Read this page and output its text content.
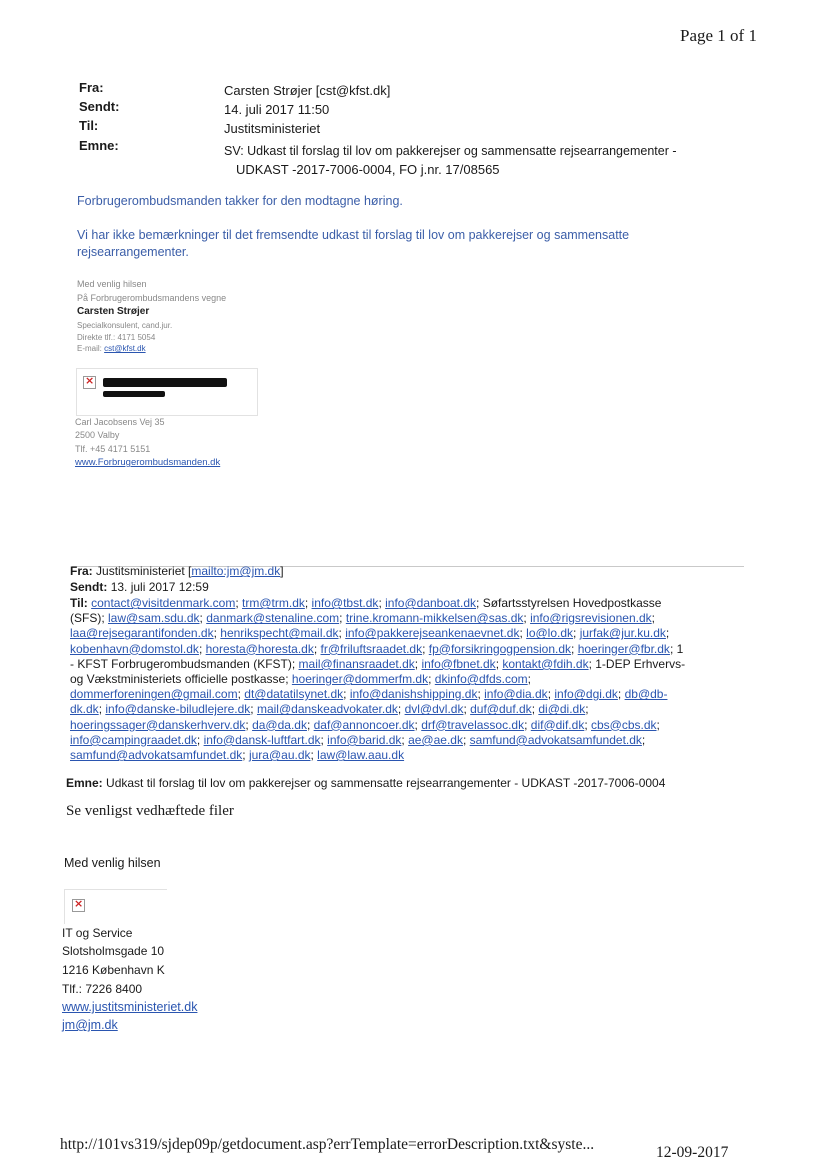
Page 1 of 1
Fra:
Sendt:
Til:
Emne:
Carsten Strøjer [cst@kfst.dk]
14. juli 2017 11:50
Justitsministeriet
SV: Udkast til forslag til lov om pakkerejser og sammensatte rejsearrangementer -
UDKAST -2017-7006-0004, FO j.nr. 17/08565
Forbrugerombudsmanden takker for den modtagne høring.
Vi har ikke bemærkninger til det fremsendte udkast til forslag til lov om pakkerejser og sammensatte
rejsearrangementer.
Med venlig hilsen
På Forbrugerombudsmandens vegne
Carsten Strøjer
Specialkonsulent, cand.jur.
Direkte tlf.: 4171 5054
E-mail: cst@kfst.dk
×
Carl Jacobsens Vej 35
2500 Valby
Tlf. +45 4171 5151
www.Forbrugerombudsmanden.dk
Fra: Justitsministeriet [mailto:jm@jm.dk]
Sendt: 13. juli 2017 12:59
Til: contact@visitdenmark.com; trm@trm.dk; info@tbst.dk; info@danboat.dk; Søfartsstyrelsen Hovedpostkasse
(SFS); law@sam.sdu.dk; danmark@stenaline.com; trine.kromann-mikkelsen@sas.dk; info@rigsrevisionen.dk;
laa@rejsegarantifonden.dk; henrikspecht@mail.dk; info@pakkerejseankenaevnet.dk; lo@lo.dk; jurfak@jur.ku.dk;
kobenhavn@domstol.dk; horesta@horesta.dk; fr@friluftsraadet.dk; fp@forsikringogpension.dk; hoeringer@fbr.dk; 1
- KFST Forbrugerombudsmanden (KFST); mail@finansraadet.dk; info@fbnet.dk; kontakt@fdih.dk; 1-DEP Erhvervs-
og Vækstministeriets officielle postkasse; hoeringer@dommerfm.dk; dkinfo@dfds.com;
dommerforeningen@gmail.com; dt@datatilsynet.dk; info@danishshipping.dk; info@dia.dk; info@dgi.dk; db@db-
dk.dk; info@danske-biludlejere.dk; mail@danskeadvokater.dk; dvl@dvl.dk; duf@duf.dk; di@di.dk;
hoeringssager@danskerhverv.dk; da@da.dk; daf@annoncoer.dk; drf@travelassoc.dk; dif@dif.dk; cbs@cbs.dk;
info@campingraadet.dk; info@dansk-luftfart.dk; info@barid.dk; ae@ae.dk; samfund@advokatsamfundet.dk;
samfund@advokatsamfundet.dk; jura@au.dk; law@law.aau.dk
Emne: Udkast til forslag til lov om pakkerejser og sammensatte rejsearrangementer - UDKAST -2017-7006-0004
Se venligst vedhæftede filer
Med venlig hilsen
×
IT og Service
Slotsholmsgade 10
1216 København K
Tlf.: 7226 8400
www.justitsministeriet.dk
jm@jm.dk
http://101vs319/sjdep09p/getdocument.asp?errTemplate=errorDescription.txt&syste...	12-09-2017
